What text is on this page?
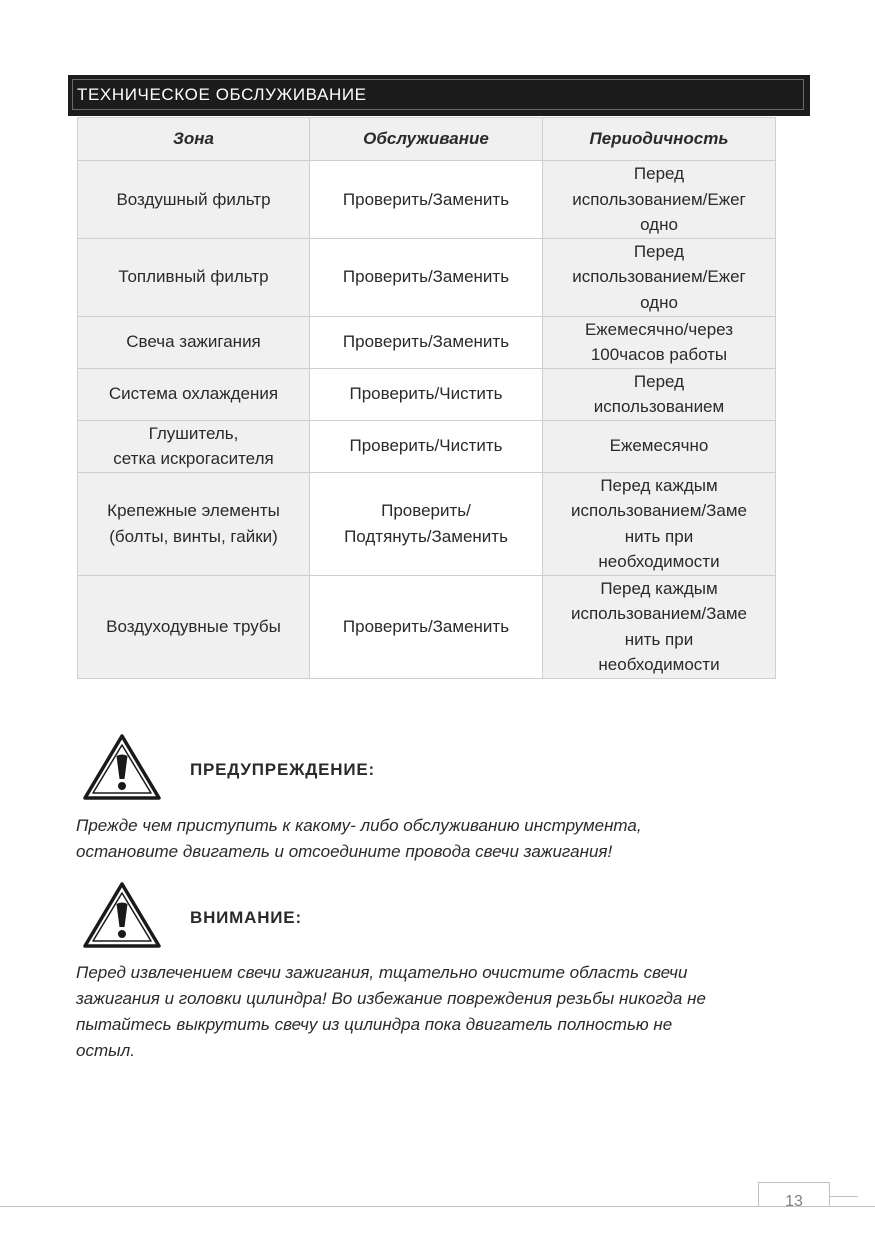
ТЕХНИЧЕСКОЕ ОБСЛУЖИВАНИЕ
Зона	Обслуживание	Периодичность

Воздушный фильтр	Проверить/Заменить	Перед
использованием/Ежег
одно

Топливный фильтр	Проверить/Заменить	Перед
использованием/Ежег
одно

Свеча зажигания	Проверить/Заменить	Ежемесячно/через
100часов работы

Система охлаждения	Проверить/Чистить	Перед
использованием

Глушитель,
сетка искрогасителя	Проверить/Чистить	Ежемесячно

Крепежные элементы
(болты, винты, гайки)	Проверить/
Подтянуть/Заменить	Перед каждым
использованием/Заме
нить при
необходимости

Воздуходувные трубы	Проверить/Заменить	Перед каждым
использованием/Заме
нить при
необходимости
ПРЕДУПРЕЖДЕНИЕ:

Прежде чем приступить к какому- либо обслуживанию инструмента,
остановите двигатель и отсоедините провода свечи зажигания!

ВНИМАНИЕ:

Перед извлечением свечи зажигания, тщательно очистите область свечи
зажигания и головки цилиндра! Во избежание повреждения резьбы никогда не
пытайтесь выкрутить свечу из цилиндра пока двигатель полностью не
остыл.

13
